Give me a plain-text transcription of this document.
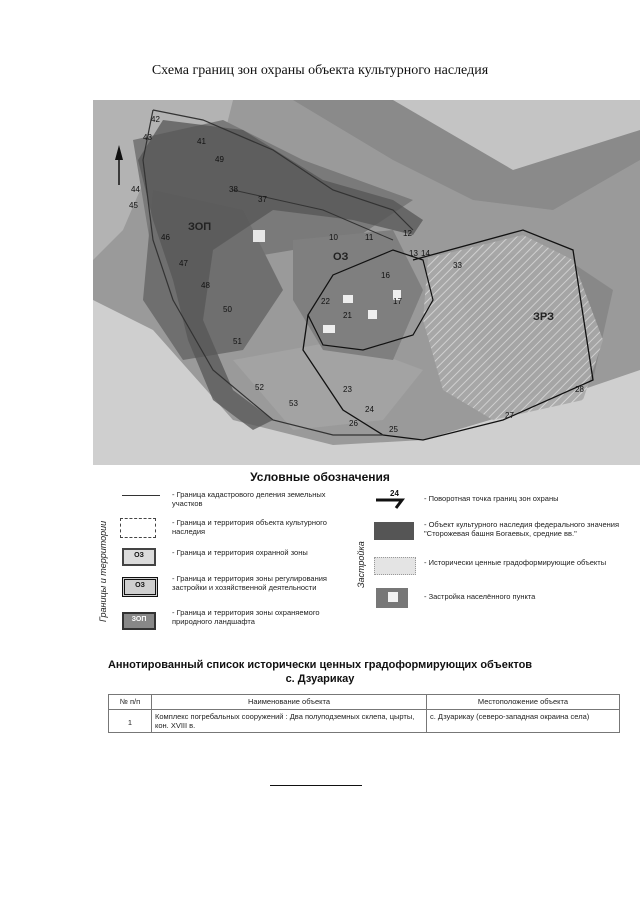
Схема границ зон охраны объекта культурного наследия
ЗОП
ОЗ
ЗРЗ
42
43	41
49
38
37
44
45
46
47
48
50
51
52
53
10	11	12
13 14
16
17
21
22
23
24
25
26
27
28
33
Условные обозначения
Границы и территории	Застройка
- Граница кадастрового деления земельных участков
- Граница и территория объекта культурного наследия
ОЗ	- Граница и территория охранной зоны
ОЗ
- Граница и территория зоны регулирования застройки и хозяйственной деятельности
ЗОП
- Граница и территория зоны охраняемого природного ландшафта
24
- Поворотная точка границ зон охраны
- Объект культурного наследия федерального значения "Сторожевая башня Богаевых, средние вв."
- Исторически ценные градоформирующие объекты
- Застройка населённого пункта
Аннотированный список исторически ценных градоформирующих объектов
с. Дзуарикау
№ п/п	Наименование объекта	Местоположение объекта
1	Комплекс погребальных сооружений : Два полуподземных склепа, цырты, кон. XVIII в.	с. Дзуарикау (северо-западная окраина села)
